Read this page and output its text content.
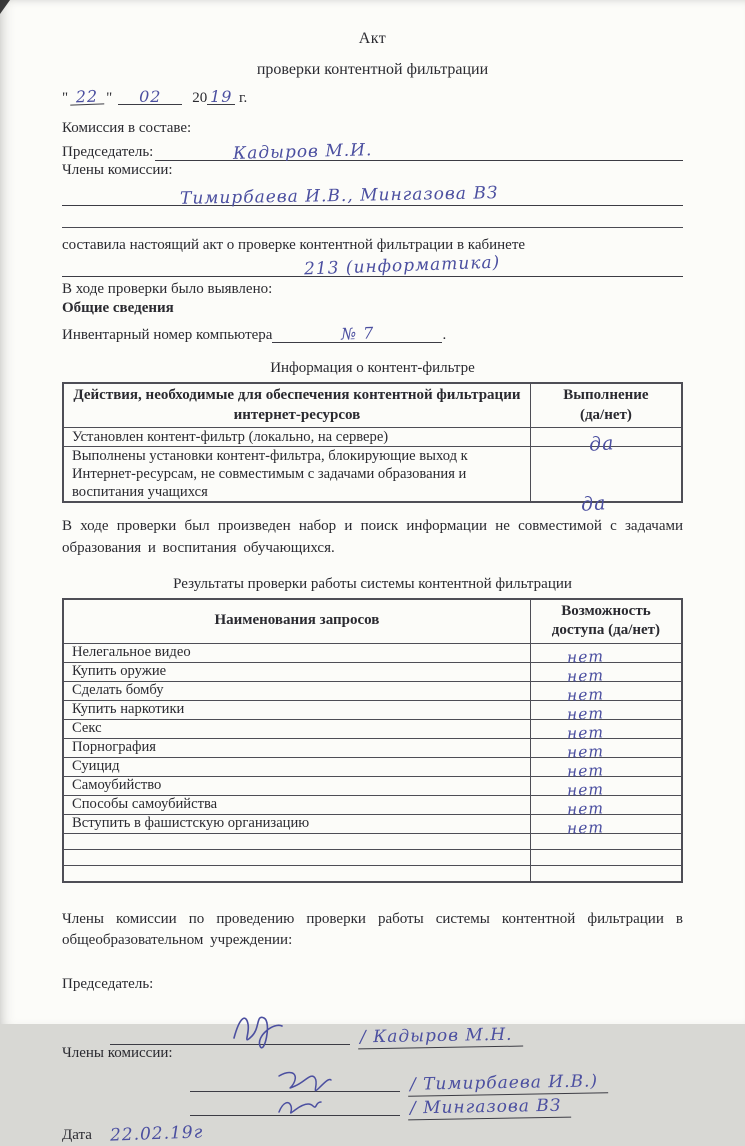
Акт
проверки контентной фильтрации
" 22 " 02 20 19 г.
Комиссия в составе:
Председатель:	Кадыров М.И.
Члены комиссии:
Тимирбаева И.В., Мингазова ВЗ
составила настоящий акт о проверке контентной фильтрации в кабинете
213 (информатика)
В ходе проверки было выявлено:
Общие сведения
Инвентарный номер компьютера	№ 7	.
Информация о контент-фильтре
Действия, необходимые для обеспечения контентной фильтрации интернет-ресурсов	Выполнение
(да/нет)

Установлен контент-фильтр (локально, на сервере)	да

Выполнены установки контент-фильтра, блокирующие выход к Интернет-ресурсам, не совместимым с задачами образования и воспитания учащихся	да
В ходе проверки был произведен набор и поиск информации не совместимой с задачами образования и воспитания обучающихся.
Результаты проверки работы системы контентной фильтрации
Наименования запросов	Возможность
доступа (да/нет)

Нелегальное видео	нет
Купить оружие	нет
Сделать бомбу	нет
Купить наркотики	нет
Секс	нет
Порнография	нет
Суицид	нет
Самоубийство	нет
Способы самоубийства	нет
Вступить в фашистскую организацию	нет

Члены комиссии по проведению проверки работы системы контентной фильтрации в общеобразовательном учреждении:
Председатель:
/ Кадыров М.Н.
Члены комиссии:
/ Тимирбаева И.В.)
/ Мингазова ВЗ
Дата 22.02.19г
